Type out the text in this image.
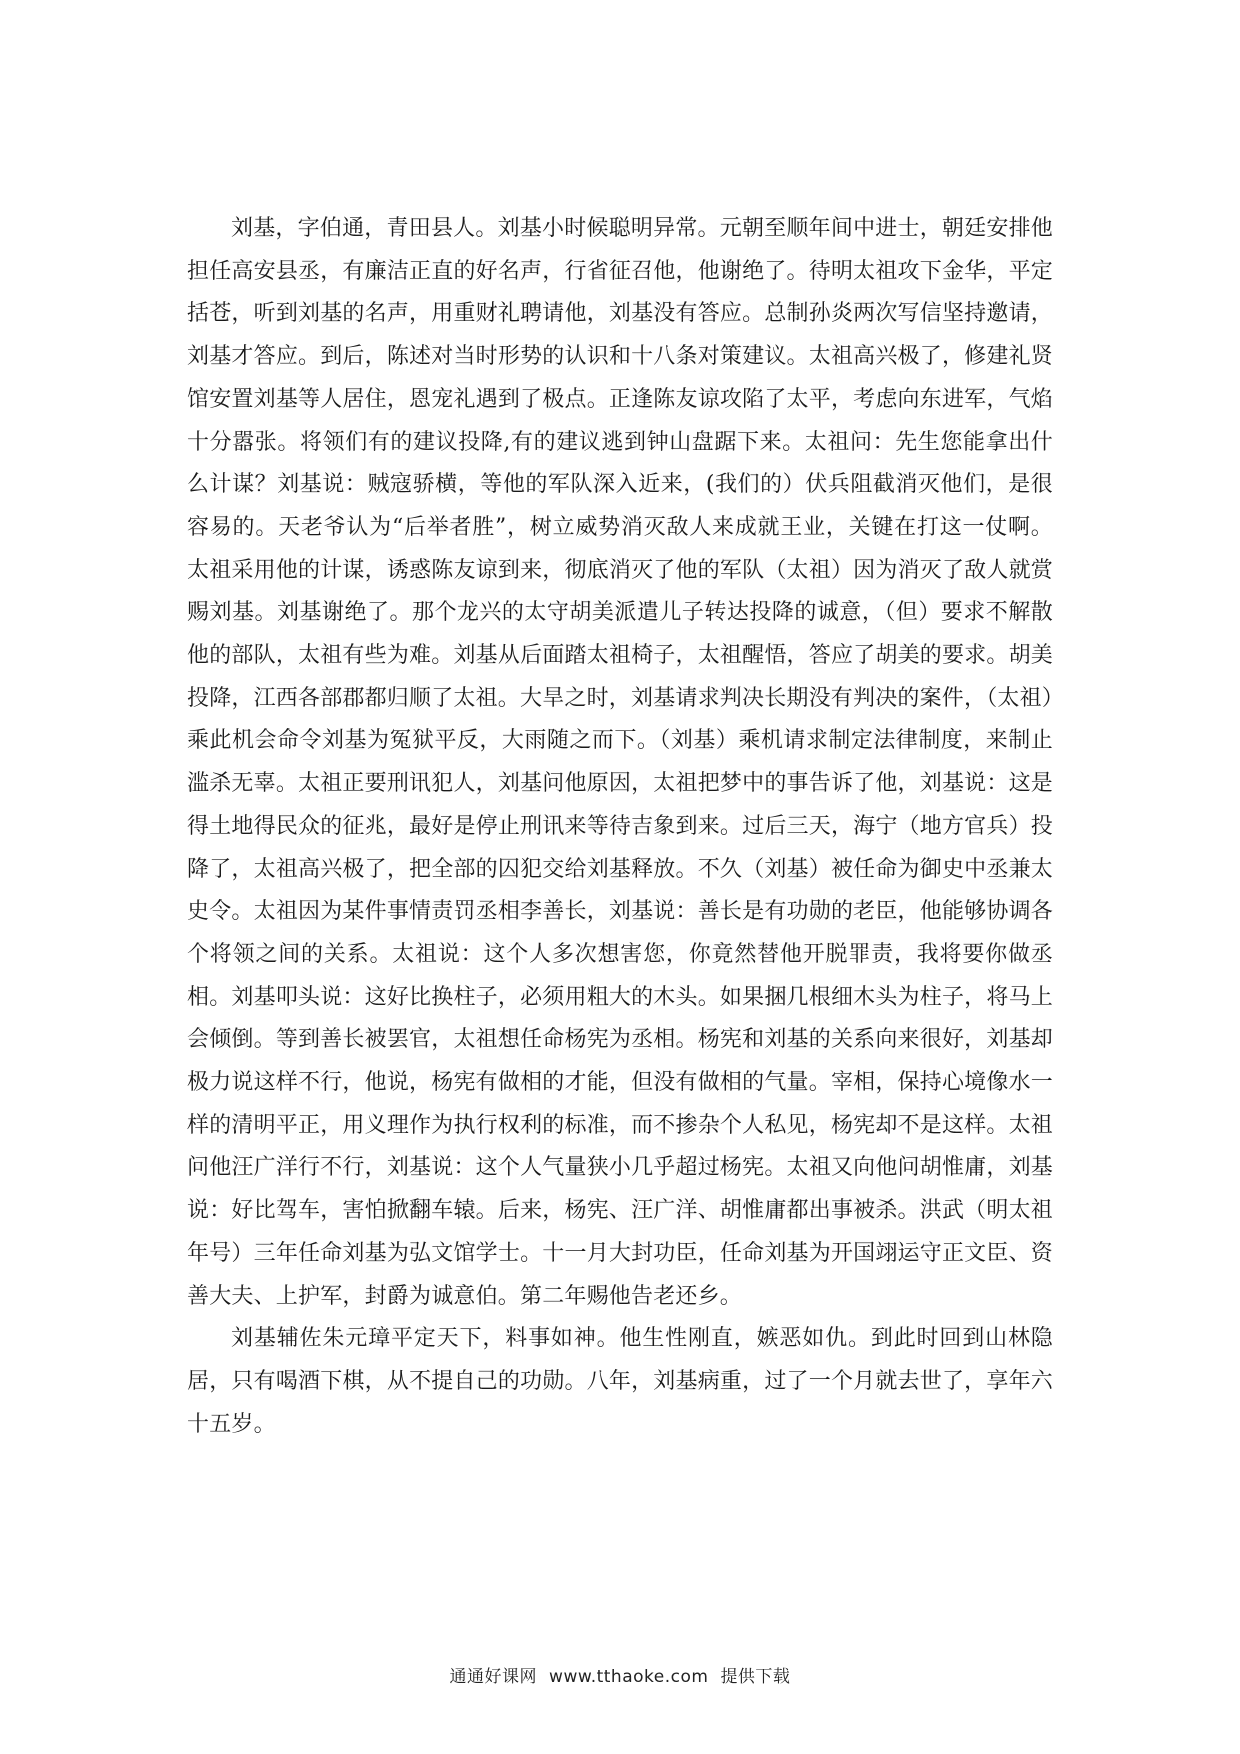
刘基，字伯通，青田县人。刘基小时候聪明异常。元朝至顺年间中进士，朝廷安排他担任高安县丞，有廉洁正直的好名声，行省征召他，他谢绝了。待明太祖攻下金华，平定括苍，听到刘基的名声，用重财礼聘请他，刘基没有答应。总制孙炎两次写信坚持邀请，刘基才答应。到后，陈述对当时形势的认识和十八条对策建议。太祖高兴极了，修建礼贤馆安置刘基等人居住，恩宠礼遇到了极点。正逢陈友谅攻陷了太平，考虑向东进军，气焰十分嚣张。将领们有的建议投降,有的建议逃到钟山盘踞下来。太祖问：先生您能拿出什么计谋？刘基说：贼寇骄横，等他的军队深入近来，(我们的）伏兵阻截消灭他们，是很容易的。天老爷认为“后举者胜”，树立威势消灭敌人来成就王业，关键在打这一仗啊。太祖采用他的计谋，诱惑陈友谅到来，彻底消灭了他的军队（太祖）因为消灭了敌人就赏赐刘基。刘基谢绝了。那个龙兴的太守胡美派遣儿子转达投降的诚意，（但）要求不解散他的部队，太祖有些为难。刘基从后面踏太祖椅子，太祖醒悟，答应了胡美的要求。胡美投降，江西各部郡都归顺了太祖。大旱之时，刘基请求判决长期没有判决的案件，（太祖）乘此机会命令刘基为冤狱平反，大雨随之而下。（刘基）乘机请求制定法律制度，来制止滥杀无辜。太祖正要刑讯犯人，刘基问他原因，太祖把梦中的事告诉了他，刘基说：这是得土地得民众的征兆，最好是停止刑讯来等待吉象到来。过后三天，海宁（地方官兵）投降了，太祖高兴极了，把全部的囚犯交给刘基释放。不久（刘基）被任命为御史中丞兼太史令。太祖因为某件事情责罚丞相李善长，刘基说：善长是有功勋的老臣，他能够协调各个将领之间的关系。太祖说：这个人多次想害您，你竟然替他开脱罪责，我将要你做丞相。刘基叩头说：这好比换柱子，必须用粗大的木头。如果捆几根细木头为柱子，将马上会倾倒。等到善长被罢官，太祖想任命杨宪为丞相。杨宪和刘基的关系向来很好，刘基却极力说这样不行，他说，杨宪有做相的才能，但没有做相的气量。宰相，保持心境像水一样的清明平正，用义理作为执行权利的标准，而不掺杂个人私见，杨宪却不是这样。太祖问他汪广洋行不行，刘基说：这个人气量狭小几乎超过杨宪。太祖又向他问胡惟庸，刘基说：好比驾车，害怕掀翻车辕。后来，杨宪、汪广洋、胡惟庸都出事被杀。洪武（明太祖年号）三年任命刘基为弘文馆学士。十一月大封功臣，任命刘基为开国翊运守正文臣、资善大夫、上护军，封爵为诚意伯。第二年赐他告老还乡。

刘基辅佐朱元璋平定天下，料事如神。他生性刚直，嫉恶如仇。到此时回到山林隐居，只有喝酒下棋，从不提自己的功勋。八年，刘基病重，过了一个月就去世了，享年六十五岁。

通通好课网 www.tthaoke.com 提供下载
